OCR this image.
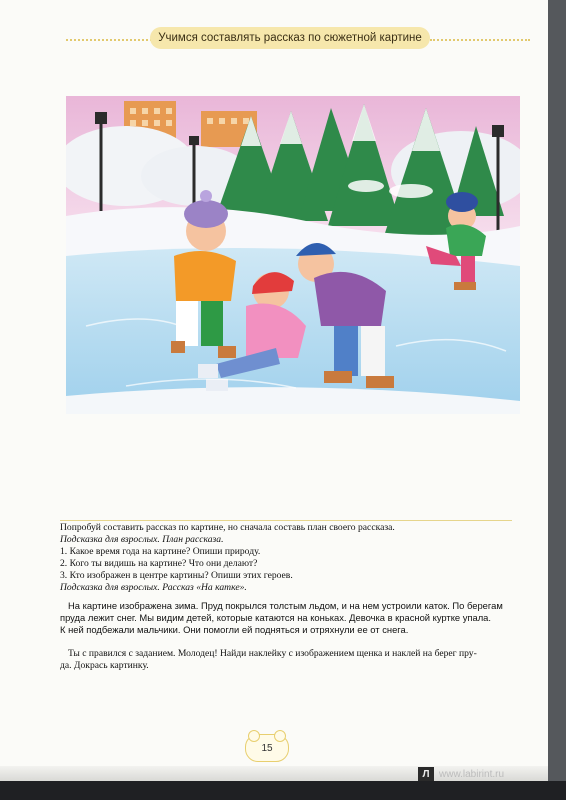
Учимся составлять рассказ по сюжетной картине
Попробуй составить рассказ по картине, но сначала составь план своего рассказа.
Подсказка для взрослых. План рассказа.
1. Какое время года на картине? Опиши природу.
2. Кого ты видишь на картине? Что они делают?
3. Кто изображен в центре картины? Опиши этих героев.
Подсказка для взрослых. Рассказ «На катке».
На картине изображена зима. Пруд покрылся толстым льдом, и на нем устроили каток. По берегам
пруда лежит снег. Мы видим детей, которые катаются на коньках. Девочка в красной куртке упала.
К ней подбежали мальчики. Они помогли ей подняться и отряхнули ее от снега.
Ты с правился с заданием. Молодец! Найди наклейку с изображением щенка и наклей на берег пру-
да. Докрась картинку.
15
Л www.labirint.ru
